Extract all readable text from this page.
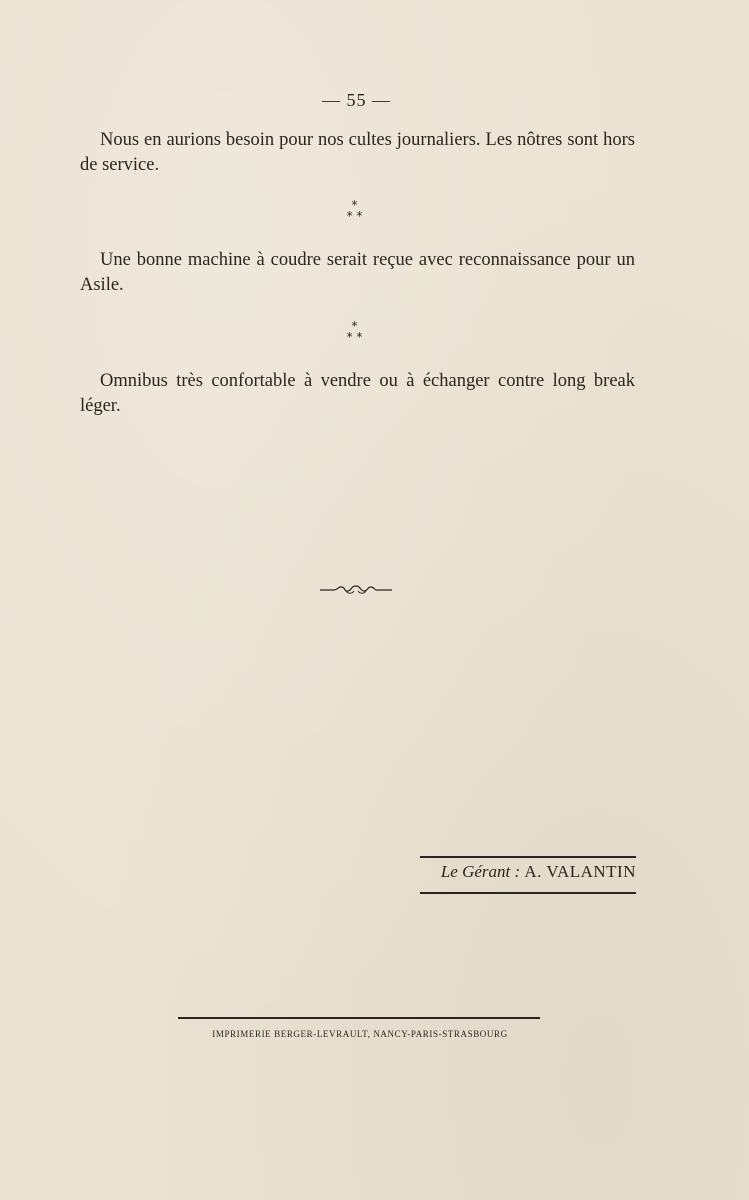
— 55 —

Nous en aurions besoin pour nos cultes journaliers. Les nôtres sont hors de service.

*
* *

Une bonne machine à coudre serait reçue avec reconnaissance pour un Asile.

*
* *

Omnibus très confortable à vendre ou à échanger contre long break léger.

Le Gérant : A. VALANTIN
IMPRIMERIE BERGER-LEVRAULT, NANCY-PARIS-STRASBOURG
